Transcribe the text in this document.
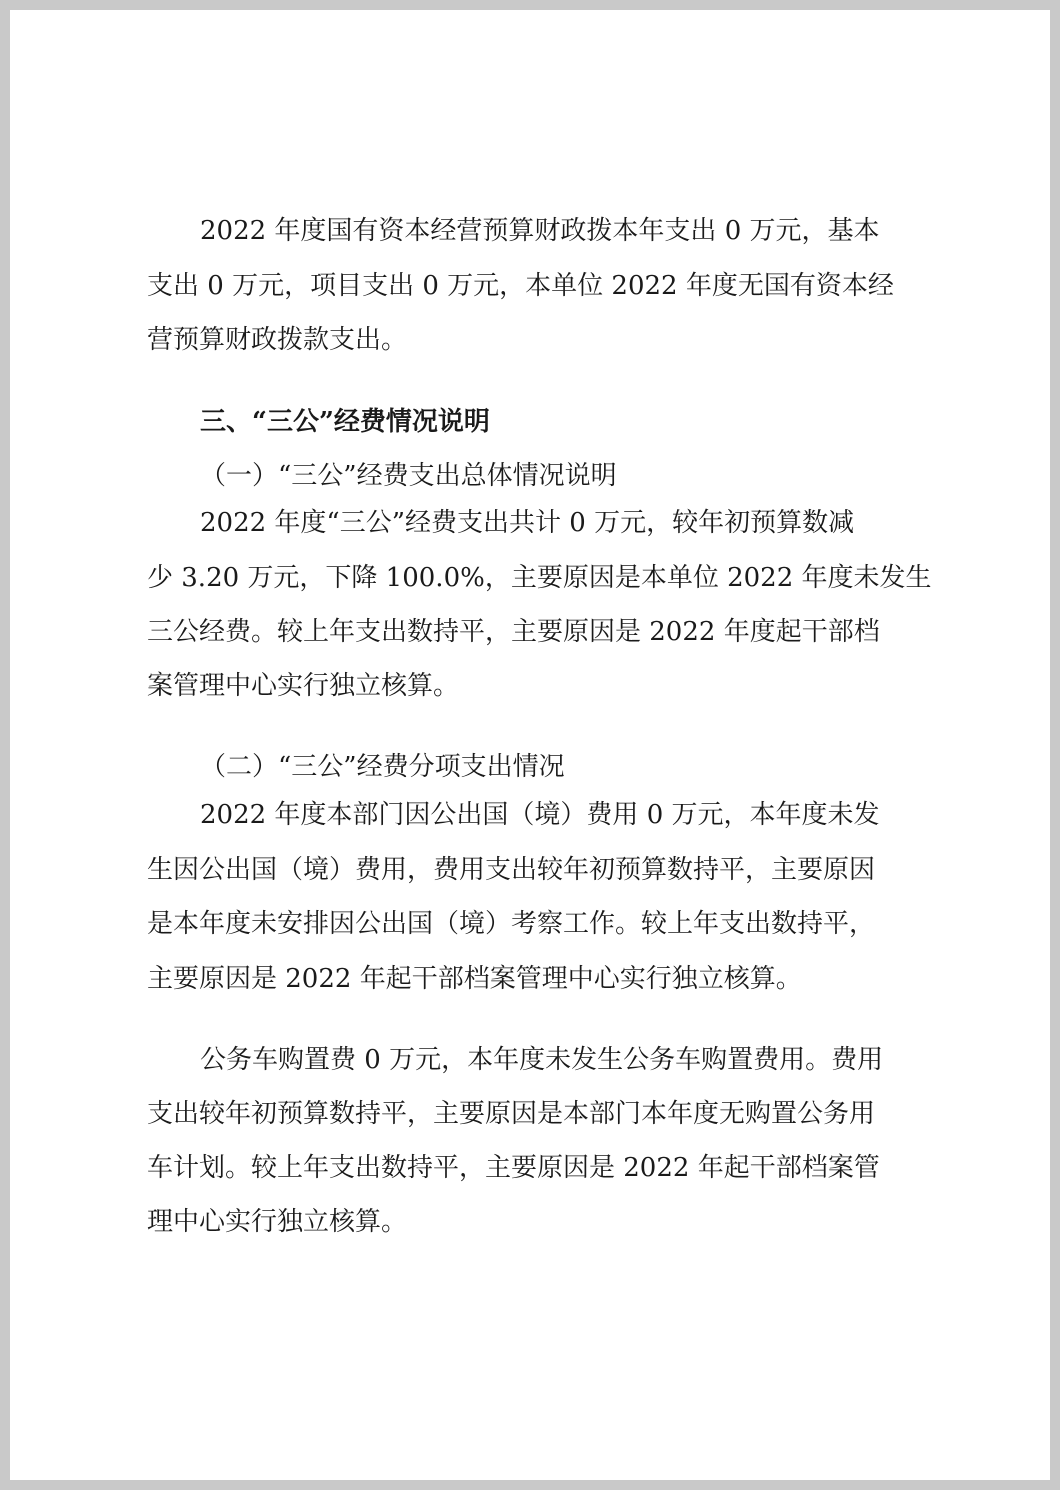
2022 年度国有资本经营预算财政拨本年支出 0 万元，基本
支出 0 万元，项目支出 0 万元，本单位 2022 年度无国有资本经
营预算财政拨款支出。
三、“三公”经费情况说明
（一）“三公”经费支出总体情况说明
2022 年度“三公”经费支出共计 0 万元，较年初预算数减
少 3.20 万元，下降 100.0%，主要原因是本单位 2022 年度未发生
三公经费。较上年支出数持平，主要原因是 2022 年度起干部档
案管理中心实行独立核算。
（二）“三公”经费分项支出情况
2022 年度本部门因公出国（境）费用 0 万元，本年度未发
生因公出国（境）费用，费用支出较年初预算数持平，主要原因
是本年度未安排因公出国（境）考察工作。较上年支出数持平，
主要原因是 2022 年起干部档案管理中心实行独立核算。
公务车购置费 0 万元，本年度未发生公务车购置费用。费用
支出较年初预算数持平，主要原因是本部门本年度无购置公务用
车计划。较上年支出数持平，主要原因是 2022 年起干部档案管
理中心实行独立核算。
